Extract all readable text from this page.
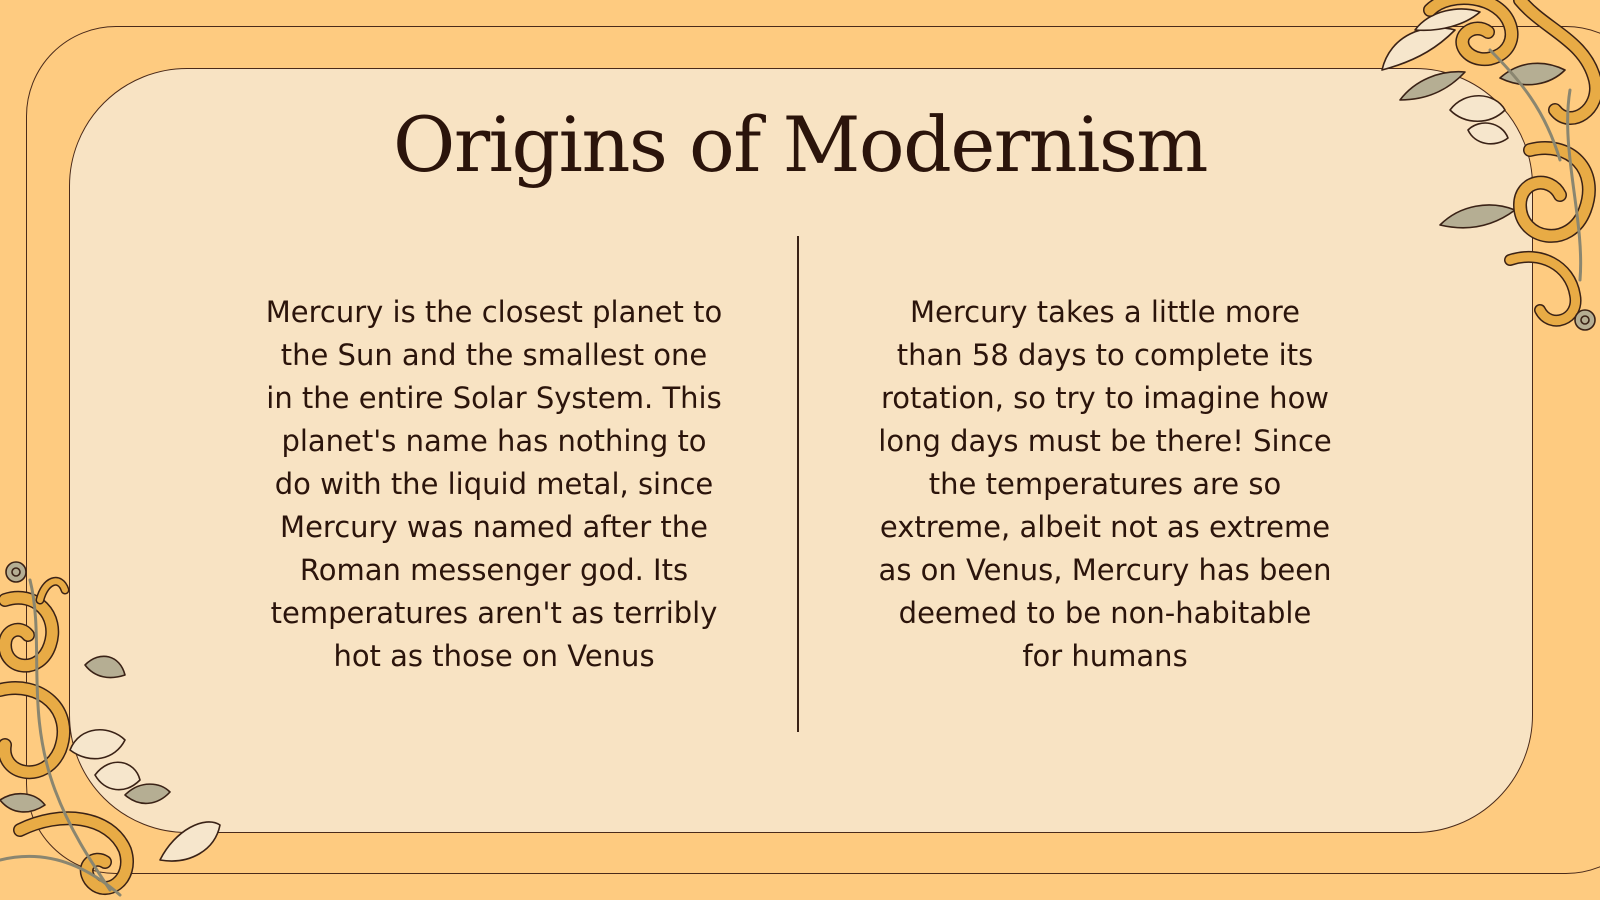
Origins of Modernism
Mercury is the closest planet to
the Sun and the smallest one
in the entire Solar System. This
planet's name has nothing to
do with the liquid metal, since
Mercury was named after the
Roman messenger god. Its
temperatures aren't as terribly
hot as those on Venus
Mercury takes a little more
than 58 days to complete its
rotation, so try to imagine how
long days must be there! Since
the temperatures are so
extreme, albeit not as extreme
as on Venus, Mercury has been
deemed to be non-habitable
for humans
